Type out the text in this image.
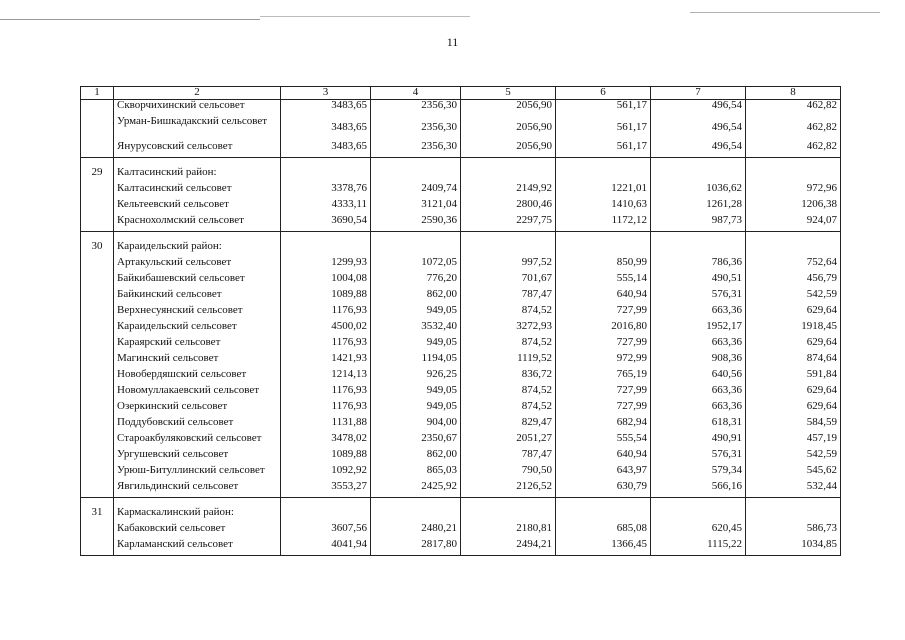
11
1	2	3	4	5	6	7	8
	Скворчихинский сельсовет	3483,65	2356,30	2056,90	561,17	496,54	462,82
	Урман-Бишкадакский сельсовет	3483,65	2356,30	2056,90	561,17	496,54	462,82
	Янурусовский сельсовет	3483,65	2356,30	2056,90	561,17	496,54	462,82

29	Калтасинский район:						
	Калтасинский сельсовет	3378,76	2409,74	2149,92	1221,01	1036,62	972,96
	Кельтеевский сельсовет	4333,11	3121,04	2800,46	1410,63	1261,28	1206,38
	Краснохолмский сельсовет	3690,54	2590,36	2297,75	1172,12	987,73	924,07

30	Караидельский район:						
	Артакульский сельсовет	1299,93	1072,05	997,52	850,99	786,36	752,64
	Байкибашевский сельсовет	1004,08	776,20	701,67	555,14	490,51	456,79
	Байкинский сельсовет	1089,88	862,00	787,47	640,94	576,31	542,59
	Верхнесуянский сельсовет	1176,93	949,05	874,52	727,99	663,36	629,64
	Караидельский сельсовет	4500,02	3532,40	3272,93	2016,80	1952,17	1918,45
	Караярский сельсовет	1176,93	949,05	874,52	727,99	663,36	629,64
	Магинский сельсовет	1421,93	1194,05	1119,52	972,99	908,36	874,64
	Новобердяшский сельсовет	1214,13	926,25	836,72	765,19	640,56	591,84
	Новомуллакаевский сельсовет	1176,93	949,05	874,52	727,99	663,36	629,64
	Озеркинский сельсовет	1176,93	949,05	874,52	727,99	663,36	629,64
	Поддубовский сельсовет	1131,88	904,00	829,47	682,94	618,31	584,59
	Староакбуляковский сельсовет	3478,02	2350,67	2051,27	555,54	490,91	457,19
	Ургушевский сельсовет	1089,88	862,00	787,47	640,94	576,31	542,59
	Урюш-Битуллинский сельсовет	1092,92	865,03	790,50	643,97	579,34	545,62
	Явгильдинский сельсовет	3553,27	2425,92	2126,52	630,79	566,16	532,44

31	Кармаскалинский район:						
	Кабаковский сельсовет	3607,56	2480,21	2180,81	685,08	620,45	586,73
	Карламанский сельсовет	4041,94	2817,80	2494,21	1366,45	1115,22	1034,85
